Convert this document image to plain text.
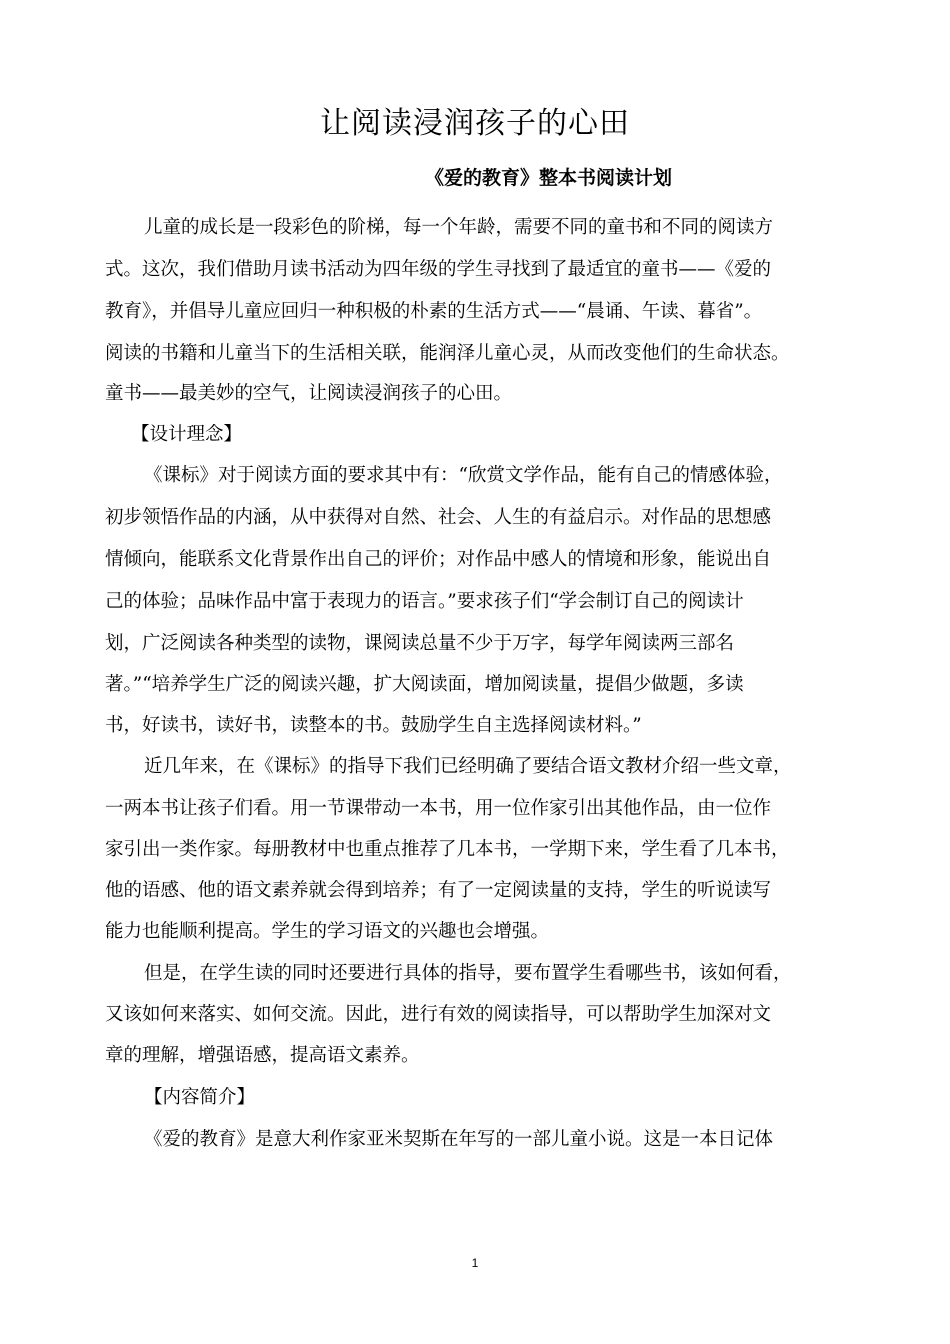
让阅读浸润孩子的心田
《爱的教育》整本书阅读计划
儿童的成长是一段彩色的阶梯，每一个年龄，需要不同的童书和不同的阅读方
式。这次，我们借助月读书活动为四年级的学生寻找到了最适宜的童书——《爱的
教育》，并倡导儿童应回归一种积极的朴素的生活方式——“晨诵、午读、暮省”。
阅读的书籍和儿童当下的生活相关联，能润泽儿童心灵，从而改变他们的生命状态。
童书——最美妙的空气，让阅读浸润孩子的心田。
【设计理念】
《课标》对于阅读方面的要求其中有：“欣赏文学作品，能有自己的情感体验，
初步领悟作品的内涵，从中获得对自然、社会、人生的有益启示。对作品的思想感
情倾向，能联系文化背景作出自己的评价；对作品中感人的情境和形象，能说出自
己的体验；品味作品中富于表现力的语言。”要求孩子们“学会制订自己的阅读计
划，广泛阅读各种类型的读物，课阅读总量不少于万字，每学年阅读两三部名
著。”“培养学生广泛的阅读兴趣，扩大阅读面，增加阅读量，提倡少做题，多读
书，好读书，读好书，读整本的书。鼓励学生自主选择阅读材料。”
近几年来，在《课标》的指导下我们已经明确了要结合语文教材介绍一些文章，
一两本书让孩子们看。用一节课带动一本书，用一位作家引出其他作品，由一位作
家引出一类作家。每册教材中也重点推荐了几本书，一学期下来，学生看了几本书，
他的语感、他的语文素养就会得到培养；有了一定阅读量的支持，学生的听说读写
能力也能顺利提高。学生的学习语文的兴趣也会增强。
但是，在学生读的同时还要进行具体的指导，要布置学生看哪些书，该如何看，
又该如何来落实、如何交流。因此，进行有效的阅读指导，可以帮助学生加深对文
章的理解，增强语感，提高语文素养。
【内容简介】
《爱的教育》是意大利作家亚米契斯在年写的一部儿童小说。这是一本日记体
1
